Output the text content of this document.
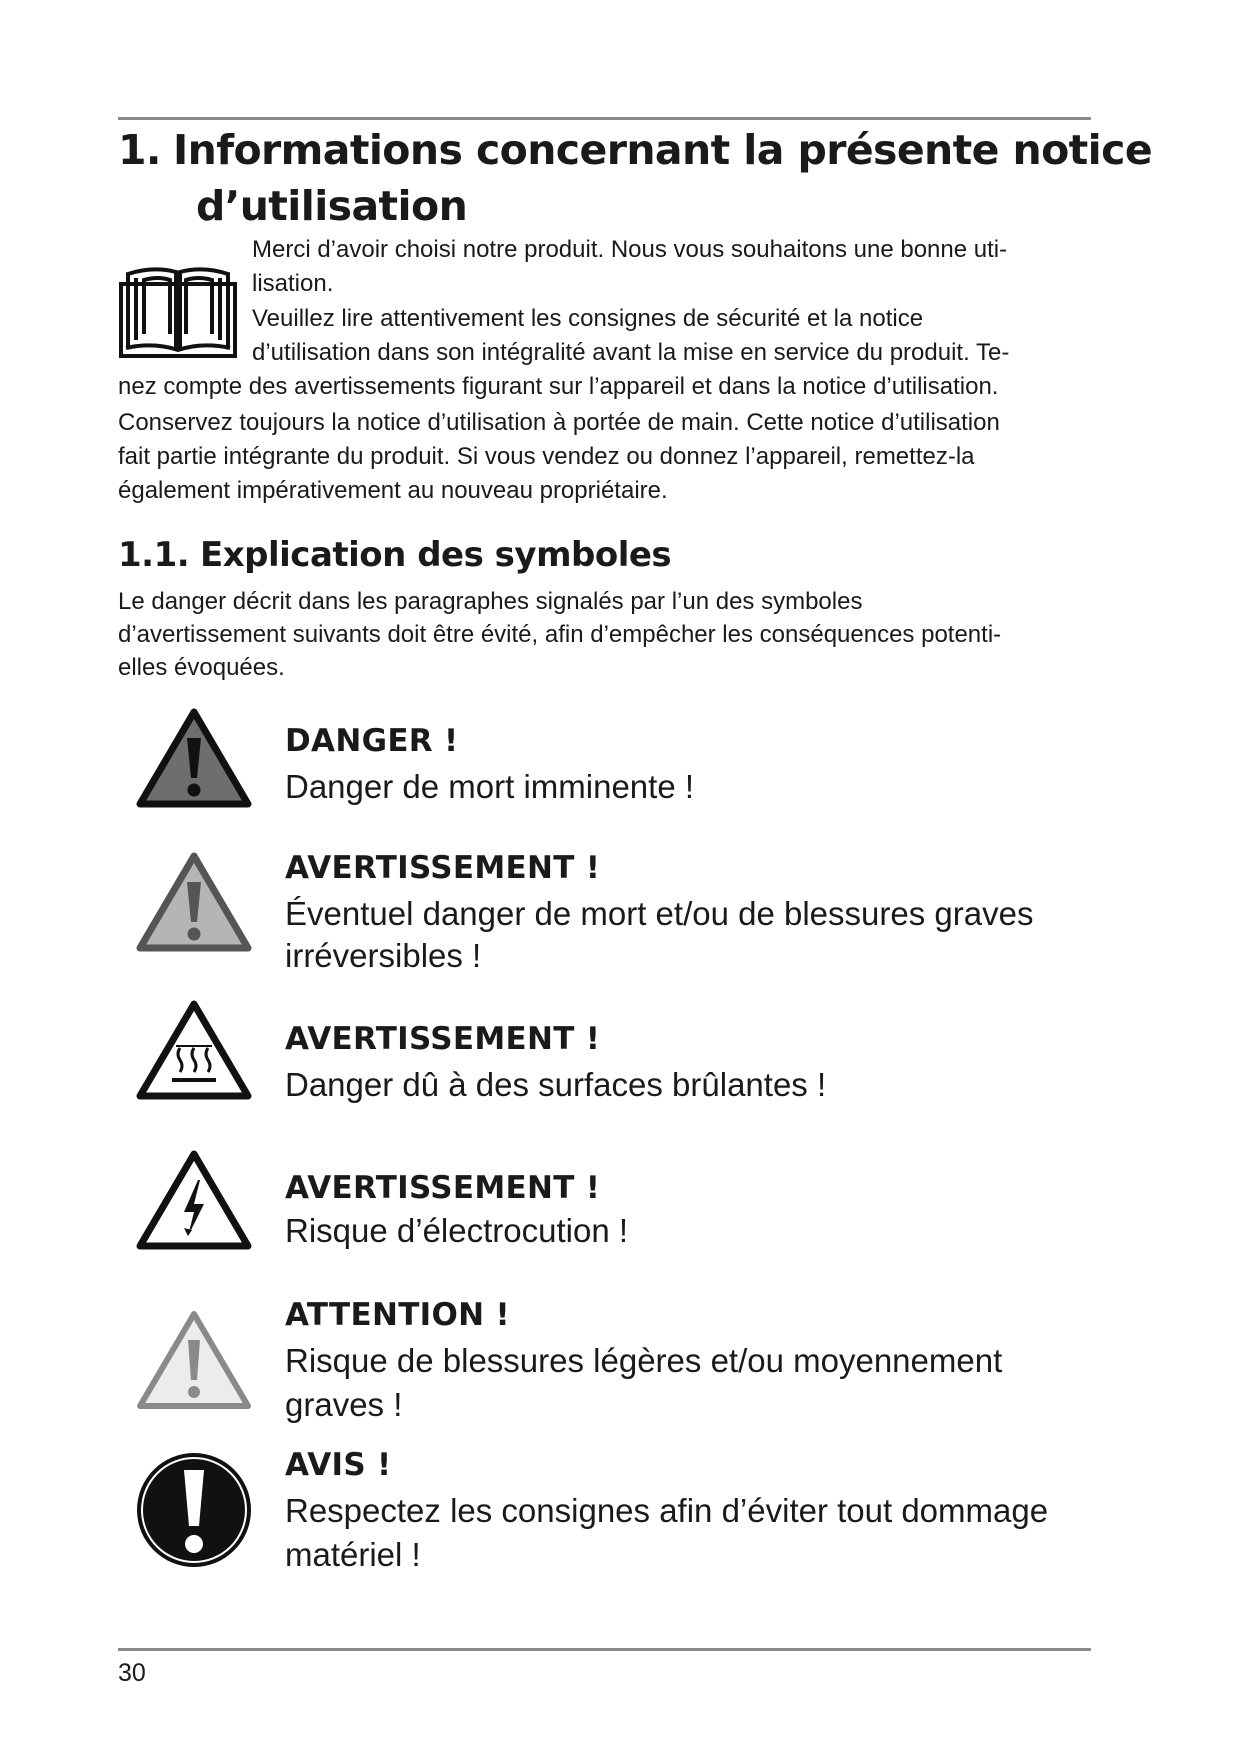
1. Informations concernant la présente notice
d’utilisation
Merci d’avoir choisi notre produit. Nous vous souhaitons une bonne uti-
lisation.
Veuillez lire attentivement les consignes de sécurité et la notice
d’utilisation dans son intégralité avant la mise en service du produit. Te-
nez compte des avertissements figurant sur l’appareil et dans la notice d’utilisation.
Conservez toujours la notice d’utilisation à portée de main. Cette notice d’utilisation
fait partie intégrante du produit. Si vous vendez ou donnez l’appareil, remettez-la
également impérativement au nouveau propriétaire.
1.1. Explication des symboles
Le danger décrit dans les paragraphes signalés par l’un des symboles
d’avertissement suivants doit être évité, afin d’empêcher les conséquences potenti-
elles évoquées.
DANGER !
Danger de mort imminente !
AVERTISSEMENT !
Éventuel danger de mort et/ou de blessures graves
irréversibles !
AVERTISSEMENT !
Danger dû à des surfaces brûlantes !
AVERTISSEMENT !
Risque d’électrocution !
ATTENTION !
Risque de blessures légères et/ou moyennement
graves !
AVIS !
Respectez les consignes afin d’éviter tout dommage
matériel !
30
